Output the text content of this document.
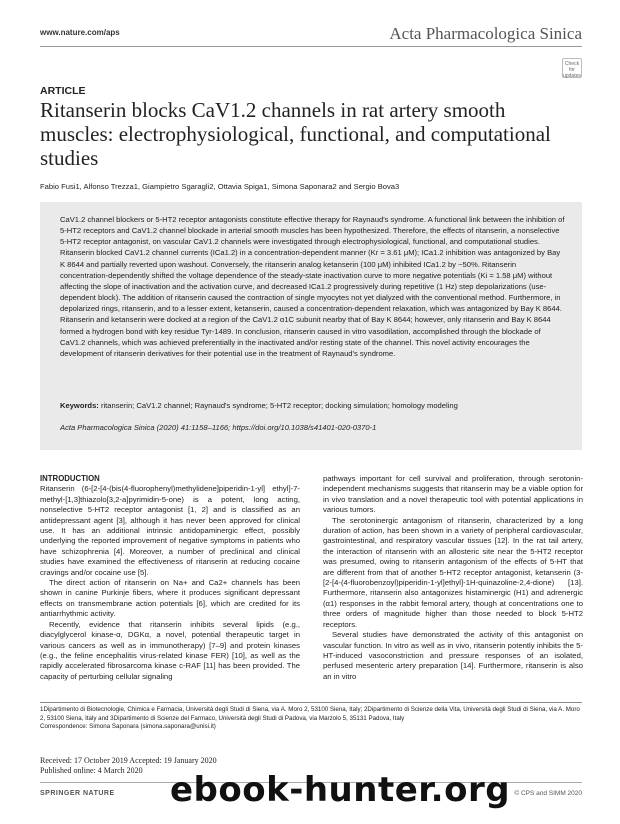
www.nature.com/aps	Acta Pharmacologica Sinica
Check for updates
ARTICLE
Ritanserin blocks CaV1.2 channels in rat artery smooth muscles: electrophysiological, functional, and computational studies
Fabio Fusi1, Alfonso Trezza1, Giampietro Sgaragli2, Ottavia Spiga1, Simona Saponara2 and Sergio Bova3

CaV1.2 channel blockers or 5-HT2 receptor antagonists constitute effective therapy for Raynaud's syndrome. A functional link between the inhibition of 5-HT2 receptors and CaV1.2 channel blockade in arterial smooth muscles has been hypothesized. Therefore, the effects of ritanserin, a nonselective 5-HT2 receptor antagonist, on vascular CaV1.2 channels were investigated through electrophysiological, functional, and computational studies. Ritanserin blocked CaV1.2 channel currents (ICa1.2) in a concentration-dependent manner (Kr = 3.61 μM); ICa1.2 inhibition was antagonized by Bay K 8644 and partially reverted upon washout. Conversely, the ritanserin analog ketanserin (100 μM) inhibited ICa1.2 by ~50%. Ritanserin concentration-dependently shifted the voltage dependence of the steady-state inactivation curve to more negative potentials (Ki = 1.58 μM) without affecting the slope of inactivation and the activation curve, and decreased ICa1.2 progressively during repetitive (1 Hz) step depolarizations (use-dependent block). The addition of ritanserin caused the contraction of single myocytes not yet dialyzed with the conventional method. Furthermore, in depolarized rings, ritanserin, and to a lesser extent, ketanserin, caused a concentration-dependent relaxation, which was antagonized by Bay K 8644. Ritanserin and ketanserin were docked at a region of the CaV1.2 α1C subunit nearby that of Bay K 8644; however, only ritanserin and Bay K 8644 formed a hydrogen bond with key residue Tyr-1489. In conclusion, ritanserin caused in vitro vasodilation, accomplished through the blockade of CaV1.2 channels, which was achieved preferentially in the inactivated and/or resting state of the channel. This novel activity encourages the development of ritanserin derivatives for their potential use in the treatment of Raynaud's syndrome.

Keywords: ritanserin; CaV1.2 channel; Raynaud's syndrome; 5-HT2 receptor; docking simulation; homology modeling
Acta Pharmacologica Sinica (2020) 41:1158–1166; https://doi.org/10.1038/s41401-020-0370-1

INTRODUCTION

Ritanserin (6-[2-[4-(bis(4-fluorophenyl)methylidene]piperidin-1-yl] ethyl]-7-methyl-[1,3]thiazolo[3,2-a]pyrimidin-5-one) is a potent, long acting, nonselective 5-HT2 receptor antagonist [1, 2] and is classified as an antidepressant agent [3], although it has never been approved for clinical use. It has an additional intrinsic antidopaminergic effect, possibly underlying the reported improvement of negative symptoms in patients who have schizophrenia [4]. Moreover, a number of preclinical and clinical studies have examined the effectiveness of ritanserin at reducing cocaine cravings and/or cocaine use [5].

The direct action of ritanserin on Na+ and Ca2+ channels has been shown in canine Purkinje fibers, where it produces significant depressant effects on transmembrane action potentials [6], which are credited for its antiarrhythmic activity.

Recently, evidence that ritanserin inhibits several lipids (e.g., diacylglycerol kinase-α, DGKα, a novel, potential therapeutic target in various cancers as well as in immunotherapy) [7–9] and protein kinases (e.g., the feline encephalitis virus-related kinase FER) [10], as well as the rapidly accelerated fibrosarcoma kinase c-RAF [11] has been provided. The capacity of perturbing cellular signaling

pathways important for cell survival and proliferation, through serotonin-independent mechanisms suggests that ritanserin may be a viable option for in vivo translation and a novel therapeutic tool with potential applications in various tumors.

The serotoninergic antagonism of ritanserin, characterized by a long duration of action, has been shown in a variety of peripheral cardiovascular, gastrointestinal, and respiratory vascular tissues [12]. In the rat tail artery, the interaction of ritanserin with an allosteric site near the 5-HT2 receptor was presumed, owing to ritanserin antagonism of the effects of 5-HT that are different from that of another 5-HT2 receptor antagonist, ketanserin (3-[2-[4-(4-fluorobenzoyl)piperidin-1-yl]ethyl]-1H-quinazoline-2,4-dione) [13]. Furthermore, ritanserin also antagonizes histaminergic (H1) and adrenergic (α1) responses in the rabbit femoral artery, though at concentrations one to three orders of magnitude higher than those needed to block 5-HT2 receptors.

Several studies have demonstrated the activity of this antagonist on vascular function. In vitro as well as in vivo, ritanserin potently inhibits the 5-HT-induced vasoconstriction and pressure responses of an isolated, perfused mesenteric artery preparation [14]. Furthermore, ritanserin is also an in vitro

1Dipartimento di Biotecnologie, Chimica e Farmacia, Università degli Studi di Siena, via A. Moro 2, 53100 Siena, Italy; 2Dipartimento di Scienze della Vita, Università degli Studi di Siena, via A. Moro 2, 53100 Siena, Italy and 3Dipartimento di Scienze del Farmaco, Università degli Studi di Padova, via Marzolo 5, 35131 Padova, Italy
Correspondence: Simona Saponara (simona.saponara@unisi.it)
Received: 17 October 2019 Accepted: 19 January 2020
Published online: 4 March 2020
SPRINGER NATURE	© CPS and SIMM 2020
ebook-hunter.org
